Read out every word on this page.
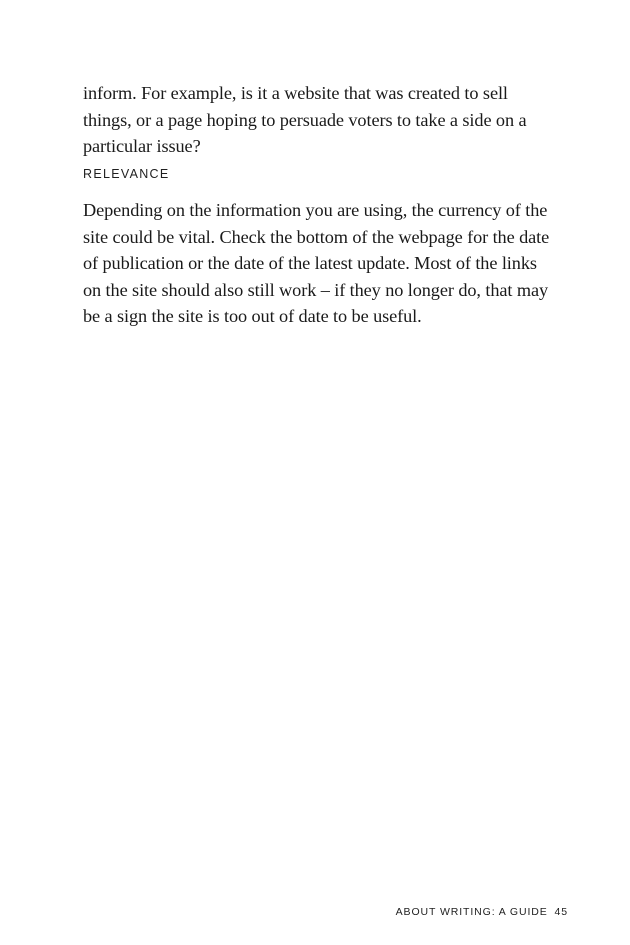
inform. For example, is it a website that was created to sell things, or a page hoping to persuade voters to take a side on a particular issue?

RELEVANCE

Depending on the information you are using, the currency of the site could be vital. Check the bottom of the webpage for the date of publication or the date of the latest update. Most of the links on the site should also still work – if they no longer do, that may be a sign the site is too out of date to be useful.

ABOUT WRITING: A GUIDE 45
